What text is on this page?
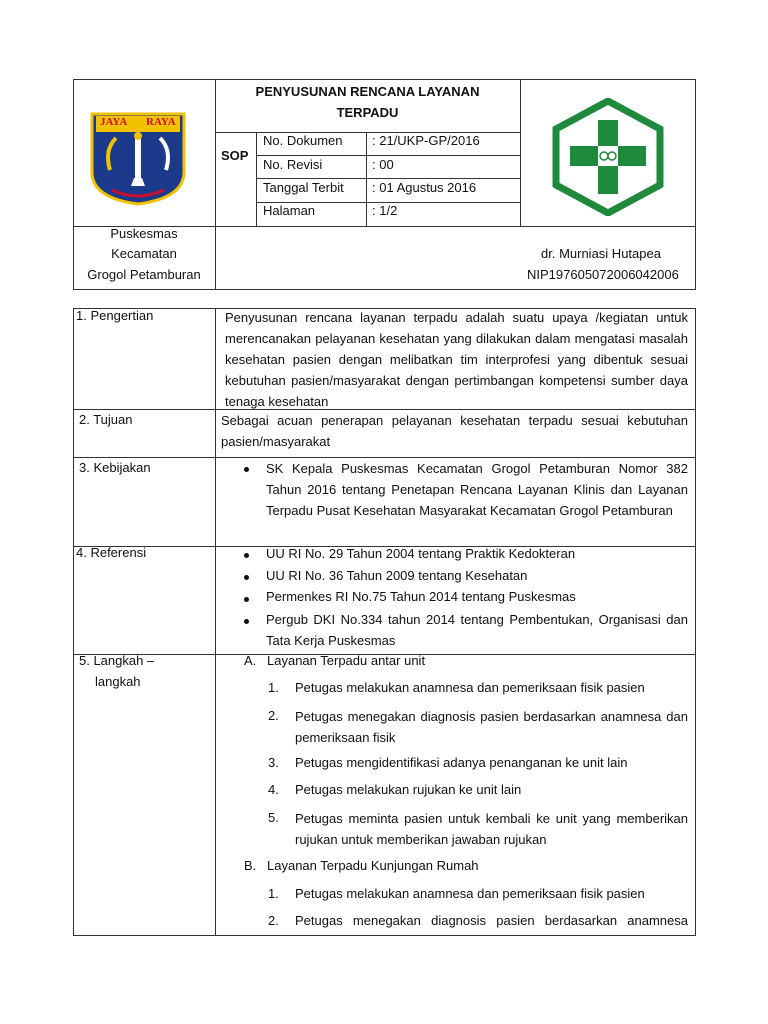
JAYA RAYA
PENYUSUNAN RENCANA LAYANAN
TERPADU
SOP
No. Dokumen : 21/UKP-GP/2016
No. Revisi	: 00
Tanggal Terbit : 01 Agustus 2016
Halaman	: 1/2
Puskesmas
Kecamatan
Grogol Petamburan
dr. Murniasi Hutapea
NIP197605072006042006
1. Pengertian	Penyusunan rencana layanan terpadu adalah suatu upaya /kegiatan untuk merencanakan pelayanan kesehatan yang dilakukan dalam mengatasi masalah kesehatan pasien dengan melibatkan tim interprofesi yang dibentuk sesuai kebutuhan pasien/masyarakat dengan pertimbangan kompetensi sumber daya tenaga kesehatan
2. Tujuan	Sebagai acuan penerapan pelayanan kesehatan terpadu sesuai kebutuhan pasien/masyarakat
3. Kebijakan	SK Kepala Puskesmas Kecamatan Grogol Petamburan Nomor 382 Tahun 2016 tentang Penetapan Rencana Layanan Klinis dan Layanan Terpadu Pusat Kesehatan Masyarakat Kecamatan Grogol Petamburan
4. Referensi	UU RI No. 29 Tahun 2004 tentang Praktik Kedokteran
UU RI No. 36 Tahun 2009 tentang Kesehatan
Permenkes RI No.75 Tahun 2014 tentang Puskesmas
Pergub DKI No.334 tahun 2014 tentang Pembentukan, Organisasi dan Tata Kerja Puskesmas
5. Langkah –
langkah
A. Layanan Terpadu antar unit
1. Petugas melakukan anamnesa dan pemeriksaan fisik pasien
2. Petugas menegakan diagnosis pasien berdasarkan anamnesa dan pemeriksaan fisik
3. Petugas mengidentifikasi adanya penanganan ke unit lain
4. Petugas melakukan rujukan ke unit lain
5. Petugas meminta pasien untuk kembali ke unit yang memberikan rujukan untuk memberikan jawaban rujukan
B. Layanan Terpadu Kunjungan Rumah
1. Petugas melakukan anamnesa dan pemeriksaan fisik pasien
2. Petugas menegakan diagnosis pasien berdasarkan anamnesa
